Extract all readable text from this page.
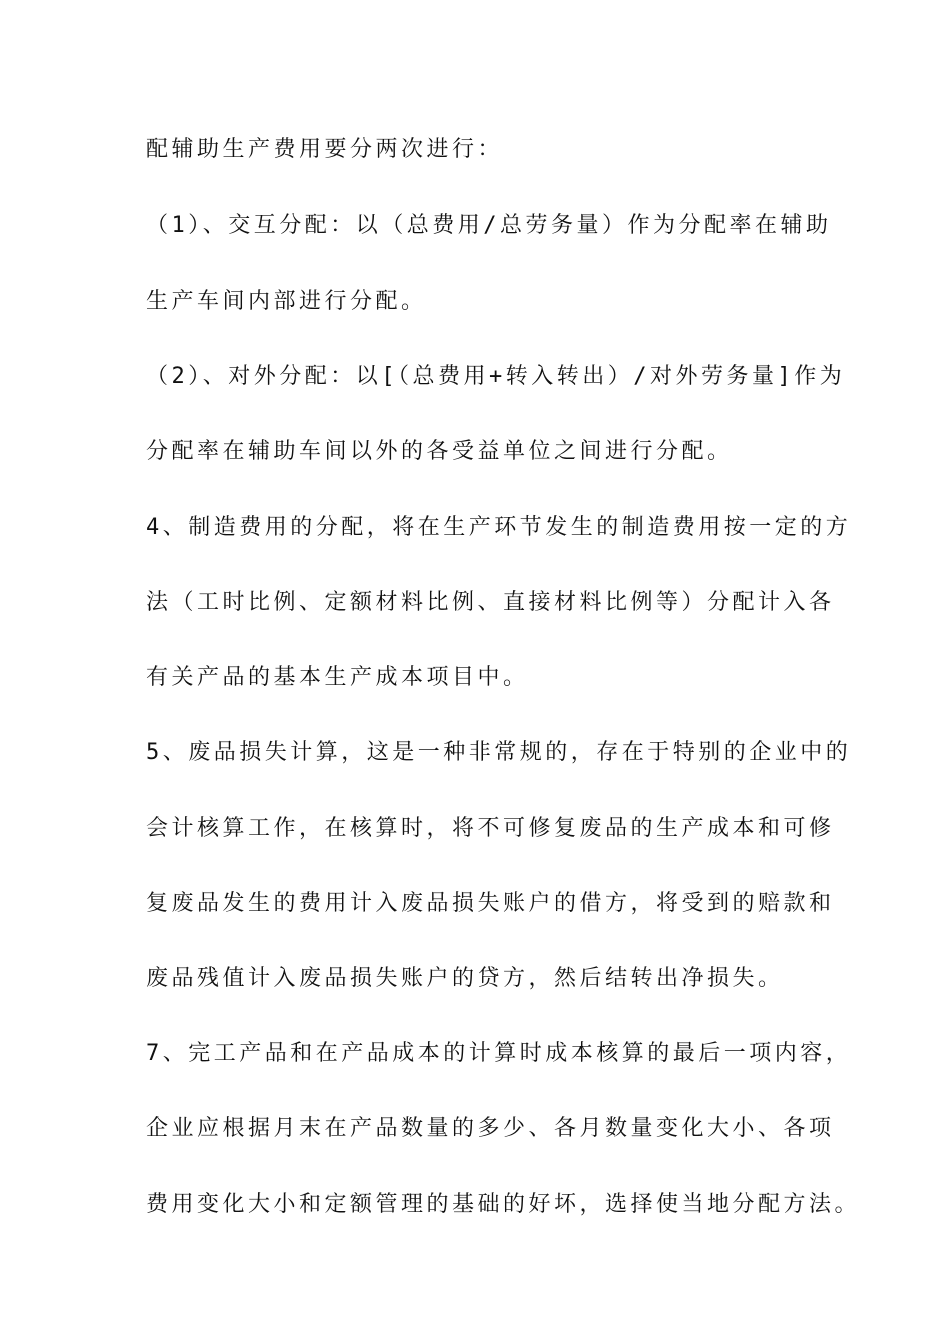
配辅助生产费用要分两次进行：
（1）、交互分配：以（总费用/总劳务量）作为分配率在辅助
生产车间内部进行分配。
（2）、对外分配：以[（总费用+转入转出）/对外劳务量]作为
分配率在辅助车间以外的各受益单位之间进行分配。
4、制造费用的分配，将在生产环节发生的制造费用按一定的方
法（工时比例、定额材料比例、直接材料比例等）分配计入各
有关产品的基本生产成本项目中。
5、废品损失计算，这是一种非常规的，存在于特别的企业中的
会计核算工作，在核算时，将不可修复废品的生产成本和可修
复废品发生的费用计入废品损失账户的借方，将受到的赔款和
废品残值计入废品损失账户的贷方，然后结转出净损失。
7、完工产品和在产品成本的计算时成本核算的最后一项内容，
企业应根据月末在产品数量的多少、各月数量变化大小、各项
费用变化大小和定额管理的基础的好坏，选择使当地分配方法。
